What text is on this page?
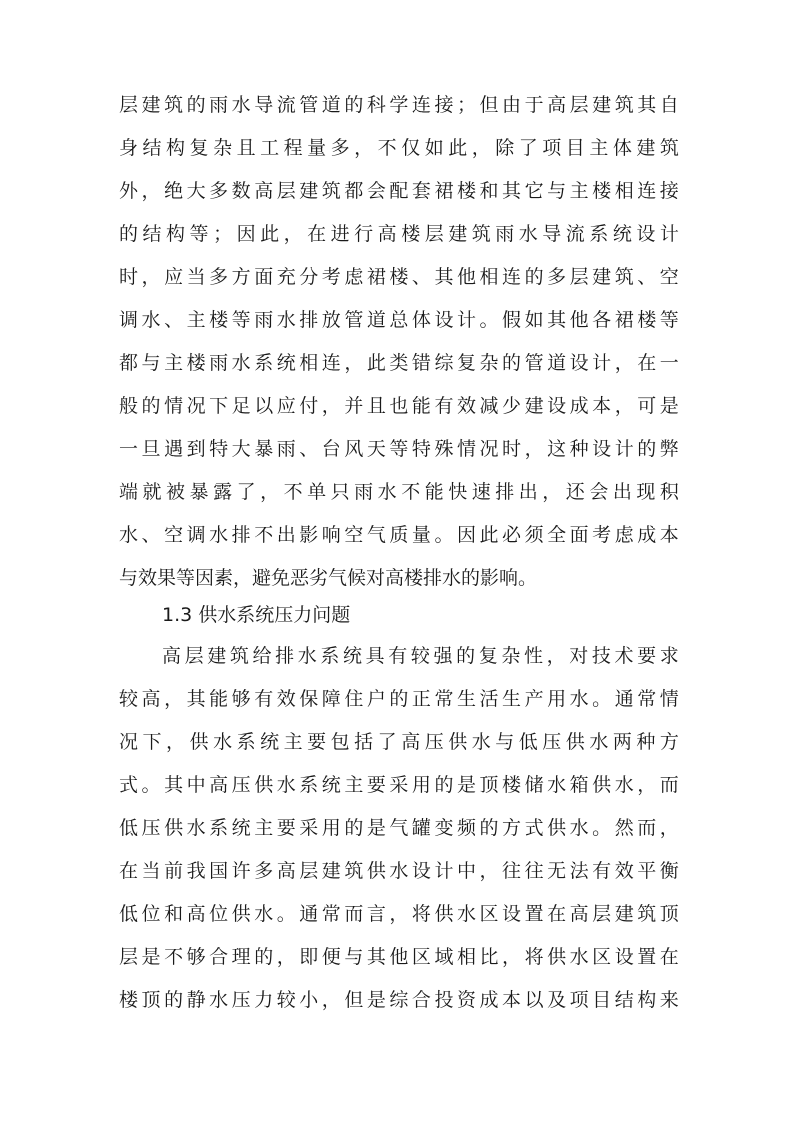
层 建 筑 的 雨 水 导 流 管 道 的 科 学 连 接 ； 但 由 于 高 层 建 筑 其 自
身 结 构 复 杂 且 工 程 量 多 ， 不 仅 如 此 ， 除 了 项 目 主 体 建 筑
外 ， 绝 大 多 数 高 层 建 筑 都 会 配 套 裙 楼 和 其 它 与 主 楼 相 连 接
的 结 构 等 ； 因 此 ， 在 进 行 高 楼 层 建 筑 雨 水 导 流 系 统 设 计
时 ， 应 当 多 方 面 充 分 考 虑 裙 楼 、 其 他 相 连 的 多 层 建 筑 、 空
调 水 、 主 楼 等 雨 水 排 放 管 道 总 体 设 计 。 假 如 其 他 各 裙 楼 等
都 与 主 楼 雨 水 系 统 相 连 ， 此 类 错 综 复 杂 的 管 道 设 计 ， 在 一
般 的 情 况 下 足 以 应 付 ， 并 且 也 能 有 效 减 少 建 设 成 本 ， 可 是
一 旦 遇 到 特 大 暴 雨 、 台 风 天 等 特 殊 情 况 时 ， 这 种 设 计 的 弊
端 就 被 暴 露 了 ， 不 单 只 雨 水 不 能 快 速 排 出 ， 还 会 出 现 积
水 、 空 调 水 排 不 出 影 响 空 气 质 量 。 因 此 必 须 全 面 考 虑 成 本
与效果等因素，避免恶劣气候对高楼排水的影响。
1.3 供水系统压力问题
高 层 建 筑 给 排 水 系 统 具 有 较 强 的 复 杂 性 ， 对 技 术 要 求
较 高 ， 其 能 够 有 效 保 障 住 户 的 正 常 生 活 生 产 用 水 。 通 常 情
况 下 ， 供 水 系 统 主 要 包 括 了 高 压 供 水 与 低 压 供 水 两 种 方
式 。 其 中 高 压 供 水 系 统 主 要 采 用 的 是 顶 楼 储 水 箱 供 水 ， 而
低 压 供 水 系 统 主 要 采 用 的 是 气 罐 变 频 的 方 式 供 水 。 然 而 ，
在 当 前 我 国 许 多 高 层 建 筑 供 水 设 计 中 ， 往 往 无 法 有 效 平 衡
低 位 和 高 位 供 水 。 通 常 而 言 ， 将 供 水 区 设 置 在 高 层 建 筑 顶
层 是 不 够 合 理 的 ， 即 便 与 其 他 区 域 相 比 ， 将 供 水 区 设 置 在
楼 顶 的 静 水 压 力 较 小 ， 但 是 综 合 投 资 成 本 以 及 项 目 结 构 来
